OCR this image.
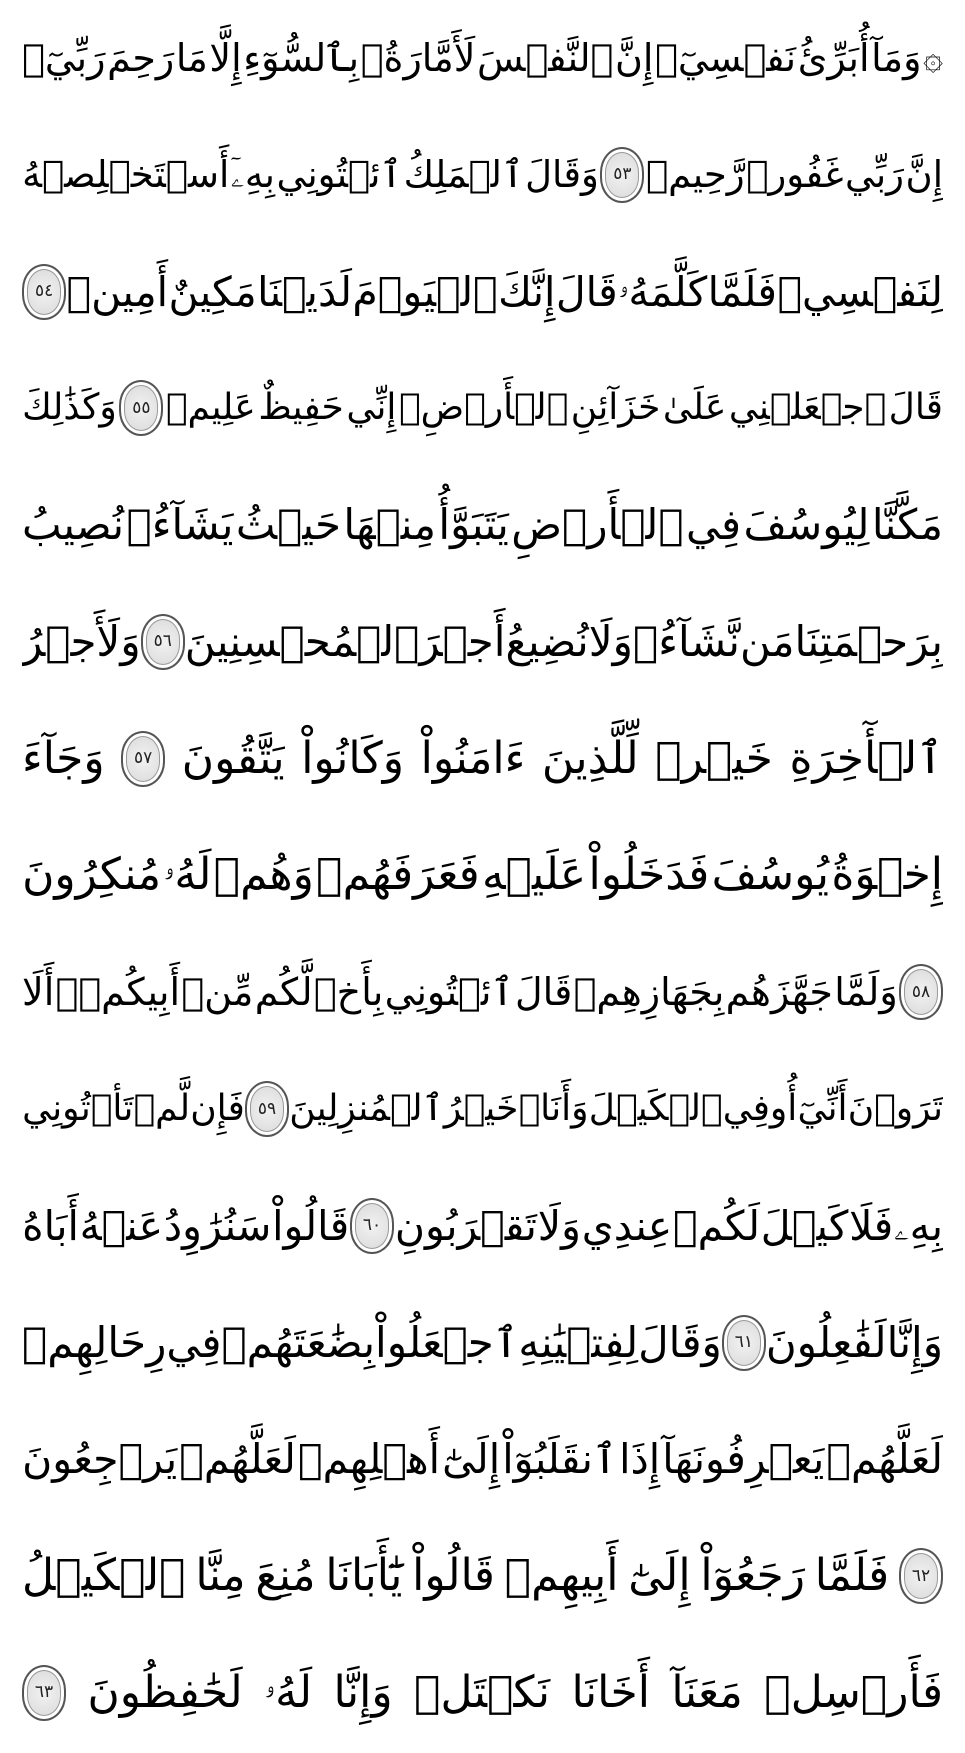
۞
وَمَآ
أُبَرِّئُ
نَفۡسِيٓۚ
إِنَّ
ٱلنَّفۡسَ
لَأَمَّارَةُۢ
بِٱلسُّوٓءِ
إِلَّا
مَا
رَحِمَ
رَبِّيٓۚ
إِنَّ
رَبِّي
غَفُورٞ
رَّحِيمٞ
٥٣
وَقَالَ
ٱلۡمَلِكُ
ٱئۡتُونِي
بِهِۦٓ
أَسۡتَخۡلِصۡهُ
لِنَفۡسِيۖ
فَلَمَّا
كَلَّمَهُۥ
قَالَ
إِنَّكَ
ٱلۡيَوۡمَ
لَدَيۡنَا
مَكِينٌ
أَمِينٞ
٥٤
قَالَ
ٱجۡعَلۡنِي
عَلَىٰ
خَزَآئِنِ
ٱلۡأَرۡضِۖ
إِنِّي
حَفِيظٌ
عَلِيمٞ
٥٥
وَكَذَٰلِكَ
مَكَّنَّا
لِيُوسُفَ
فِي
ٱلۡأَرۡضِ
يَتَبَوَّأُ
مِنۡهَا
حَيۡثُ
يَشَآءُۚ
نُصِيبُ
بِرَحۡمَتِنَا
مَن
نَّشَآءُۖ
وَلَا
نُضِيعُ
أَجۡرَ
ٱلۡمُحۡسِنِينَ
٥٦
وَلَأَجۡرُ
ٱلۡأٓخِرَةِ
خَيۡرٞ
لِّلَّذِينَ
ءَامَنُواْ
وَكَانُواْ
يَتَّقُونَ
٥٧
وَجَآءَ
إِخۡوَةُ
يُوسُفَ
فَدَخَلُواْ
عَلَيۡهِ
فَعَرَفَهُمۡ
وَهُمۡ
لَهُۥ
مُنكِرُونَ
٥٨
وَلَمَّا
جَهَّزَهُم
بِجَهَازِهِمۡ
قَالَ
ٱئۡتُونِي
بِأَخٖ
لَّكُم
مِّنۡ
أَبِيكُمۡۚ
أَلَا
تَرَوۡنَ
أَنِّيٓ
أُوفِي
ٱلۡكَيۡلَ
وَأَنَا۠
خَيۡرُ
ٱلۡمُنزِلِينَ
٥٩
فَإِن
لَّمۡ
تَأۡتُونِي
بِهِۦ
فَلَا
كَيۡلَ
لَكُمۡ
عِندِي
وَلَا
تَقۡرَبُونِ
٦٠
قَالُواْ
سَنُرَٰوِدُ
عَنۡهُ
أَبَاهُ
وَإِنَّا
لَفَٰعِلُونَ
٦١
وَقَالَ
لِفِتۡيَٰنِهِ
ٱجۡعَلُواْ
بِضَٰعَتَهُمۡ
فِي
رِحَالِهِمۡ
لَعَلَّهُمۡ
يَعۡرِفُونَهَآ
إِذَا
ٱنقَلَبُوٓاْ
إِلَىٰٓ
أَهۡلِهِمۡ
لَعَلَّهُمۡ
يَرۡجِعُونَ
٦٢
فَلَمَّا
رَجَعُوٓاْ
إِلَىٰٓ
أَبِيهِمۡ
قَالُواْ
يَٰٓأَبَانَا
مُنِعَ
مِنَّا
ٱلۡكَيۡلُ
فَأَرۡسِلۡ
مَعَنَآ
أَخَانَا
نَكۡتَلۡ
وَإِنَّا
لَهُۥ
لَحَٰفِظُونَ
٦٣
